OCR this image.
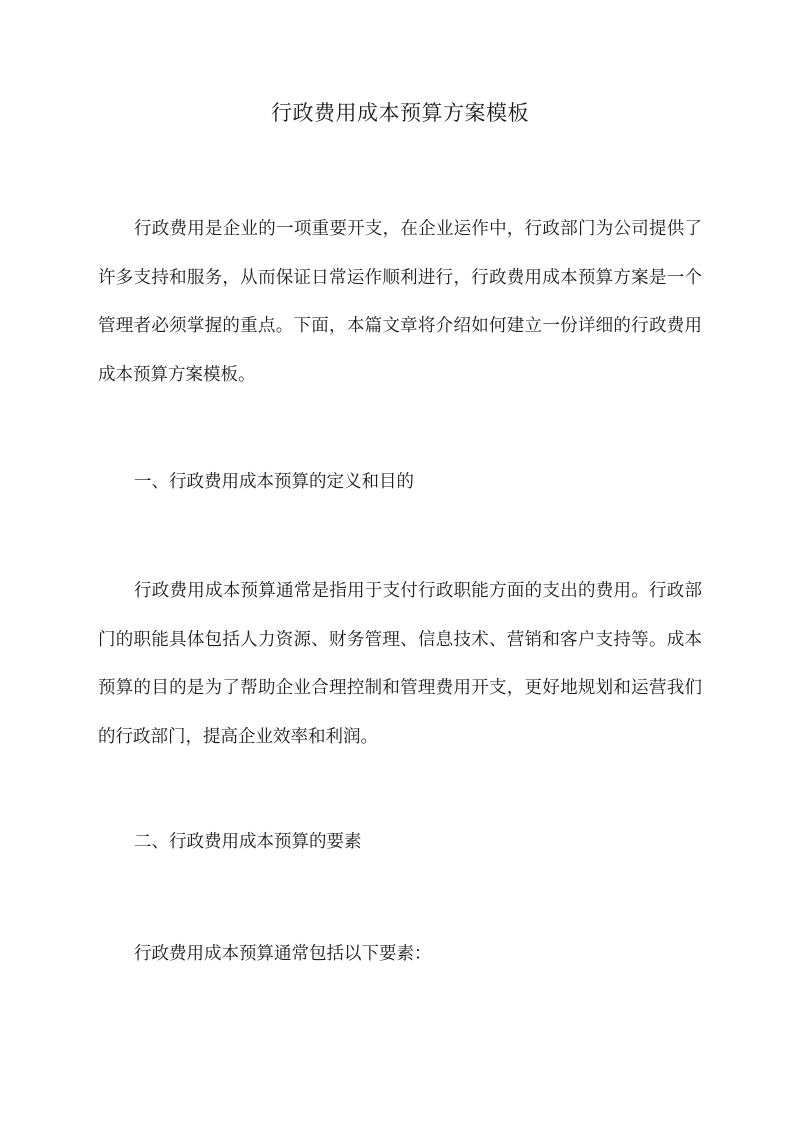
行政费用成本预算方案模板

行政费用是企业的一项重要开支，在企业运作中，行政部门为公司提供了许多支持和服务，从而保证日常运作顺利进行，行政费用成本预算方案是一个管理者必须掌握的重点。下面，本篇文章将介绍如何建立一份详细的行政费用成本预算方案模板。

一、行政费用成本预算的定义和目的

行政费用成本预算通常是指用于支付行政职能方面的支出的费用。行政部门的职能具体包括人力资源、财务管理、信息技术、营销和客户支持等。成本预算的目的是为了帮助企业合理控制和管理费用开支，更好地规划和运营我们的行政部门，提高企业效率和利润。

二、行政费用成本预算的要素

行政费用成本预算通常包括以下要素：
